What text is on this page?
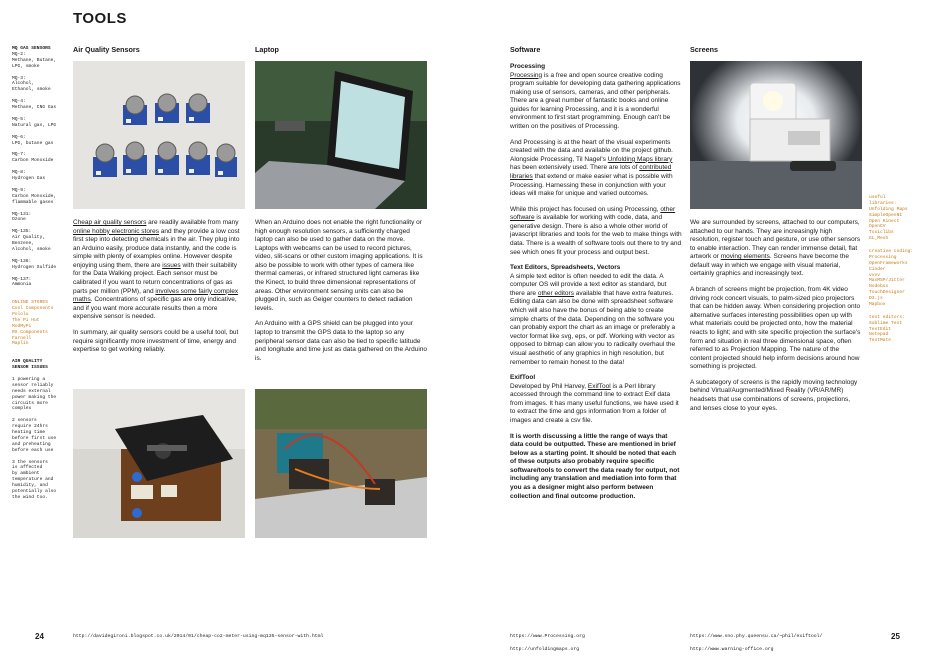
TOOLS

MQ GAS SENSORS

MQ-2:
Methane, Butane,
LPG, smoke

MQ-3:
Alcohol,
Ethanol, smoke

MQ-4:
Methane, CNG Gas

MQ-5:
Natural gas, LPG

MQ-6:
LPG, butane gas

MQ-7:
Carbon Monoxide

MQ-8:
Hydrogen Gas

MQ-9:
Carbon Monoxide,
flammable gases

MQ-131:
Ozone

MQ-135:
Air Quality,
Benzene,
Alcohol, smoke

MQ-136:
Hydrogen Sulfide

MQ-137:
Ammonia

ONLINE STORES
Cool Components
Pololu
The Pi Hut
ModMyPi
RS Components
Farnell
Maplin

AIR QUALITY
SENSOR ISSUES

1 powering a
sensor reliably
needs external
power making the
circuits more
complex

2 sensors
require 24hrs
heating time
before first use
and preheating
before each use

3 the sensors
is affected
by ambient
temperature and
humidity, and
potentially also
the wind too.

Air Quality Sensors

Cheap air quality sensors are readily available from many online hobby electronic stores and they provide a low cost first step into detecting chemicals in the air. They plug into an Arduino easily, produce data instantly, and the code is simple with plenty of examples online. However despite enjoying using them, there are issues with their suitability for the Data Walking project. Each sensor must be calibrated if you want to return concentrations of gas as parts per million (PPM), and involves some fairly complex maths. Concentrations of specific gas are only indicative, and if you want more accurate results then a more expensive sensor is needed.

In summary, air quality sensors could be a useful tool, but require significantly more investment of time, energy and expertise to get working reliably.

Laptop

When an Arduino does not enable the right functionality or high enough resolution sensors, a sufficiently charged laptop can also be used to gather data on the move. Laptops with webcams can be used to record pictures, video, slit-scans or other custom imaging applications. It is also be possible to work with other types of camera like thermal cameras, or infrared structured light cameras like the Kinect, to build three dimensional representations of areas. Other environment sensing units can also be plugged in, such as Geiger counters to detect radiation levels.

An Arduino with a GPS shield can be plugged into your laptop to transmit the GPS data to the laptop so any peripheral sensor data can also be tied to specific latitude and longitude and time just as data gathered on the Arduino is.

Software
Processing

Processing is a free and open source creative coding program suitable for developing data gathering applications making use of sensors, cameras, and other peripherals. There are a great number of fantastic books and online guides for learning Processing, and it is a wonderful environment to first start programming. Enough can't be written on the positives of Processing.

And Processing is at the heart of the visual experiments created with the data and available on the project github. Alongside Processing, Til Nagel's Unfolding Maps library has been extensively used. There are lots of contributed libraries that extend or make easier what is possible with Processing. Harnessing these in conjunction with your ideas will make for unique and varied outcomes.

While this project has focused on using Processing, other software is available for working with code, data, and generative design. There is also a whole other world of javascript libraries and tools for the web to make things with data. There is a wealth of software tools out there to try and see which ones fit your process and output best.

Text Editors, Spreadsheets, Vectors

A simple text editor is often needed to edit the data. A computer OS will provide a text editor as standard, but there are other editors available that have extra features. Editing data can also be done with spreadsheet software which will also have the bonus of being able to create simple charts of the data. Depending on the software you can probably export the chart as an image or preferably a vector format like svg, eps, or pdf. Working with vector as opposed to bitmap can allow you to radically overhaul the visual aesthetic of any graphics in high resolution, but remember to remain honest to the data!

ExifTool

Developed by Phil Harvey, ExifTool is a Perl library accessed through the command line to extract Exif data from images. It has many useful functions, we have used it to extract the time and gps information from a folder of images and create a csv file.

It is worth discussing a little the range of ways that data could be outputted. These are mentioned in brief below as a starting point. It should be noted that each of these outputs also probably require specific software/tools to convert the data ready for output, not including any translation and mediation into form that you as a designer might also perform between collection and final outcome production.

Screens

We are surrounded by screens, attached to our computers, attached to our hands. They are increasingly high resolution, register touch and gesture, or use other sensors to enable interaction. They can render immense detail, flat artwork or moving elements. Screens have become the default way in which we engage with visual material, certainly graphics and increasingly text.

A branch of screens might be projection, from 4K video driving rock concert visuals, to palm-sized pico projectors that can be hidden away. When considering projection onto alternative surfaces interesting possibilities open up with what materials could be projected onto, how the material reacts to light; and with site specific projection the surface's form and situation in real three dimensional space, often referred to as Projection Mapping. The nature of the content projected should help inform decisions around how something is projected.

A subcategory of screens is the rapidly moving technology behind Virtual/Augmented/Mixed Reality (VR/AR/MR) headsets that use combinations of screens, projections, and lenses close to your eyes.

useful
libraries:
Unfolding Maps
SimpleOpenNI
Open Kinect
OpenCV
Toxiclibs
GL_Mesh

creative coding:
Processing
OpenFrameworks
Cinder
vvvv
MaxMSP/Jitter
Nodebox
TouchDesigner
D3.js
Mapbox

text editors:
Sublime Text
TextEdit
Notepad
TextMate

24	http://davidegironi.blogspot.co.uk/2014/01/cheap-co2-meter-using-mq135-sensor-with.html	https://www.Processing.org
http://unfoldingmaps.org
https://www.sno.phy.queensu.ca/~phil/exiftool/
http://www.warning-office.org
25
